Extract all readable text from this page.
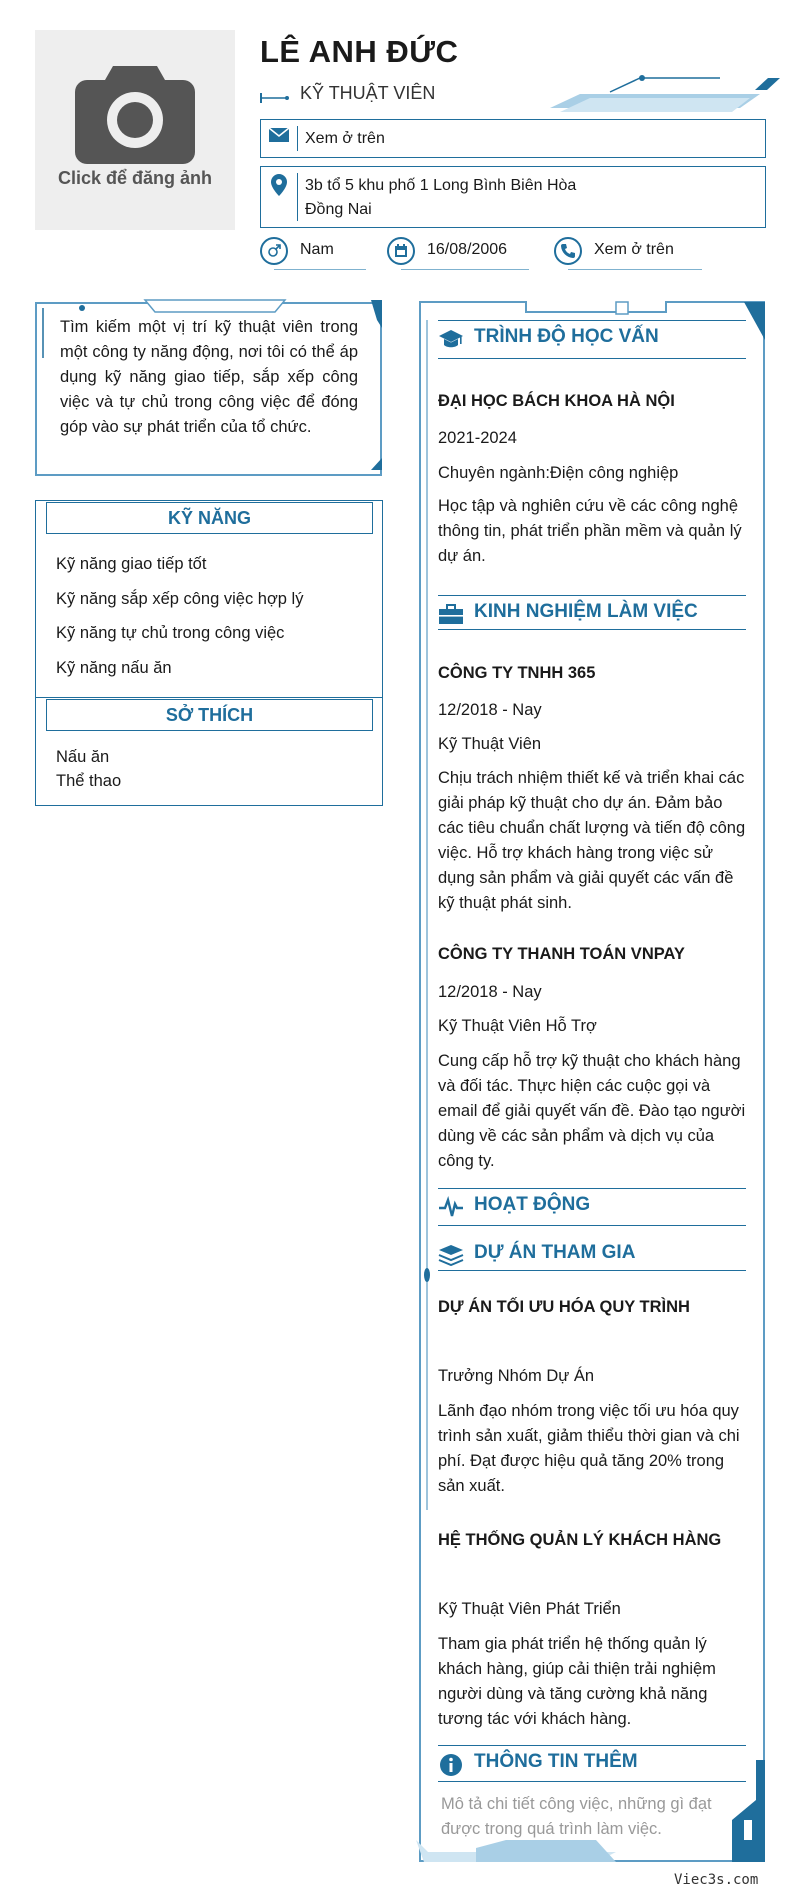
Click để đăng ảnh
LÊ ANH ĐỨC
KỸ THUẬT VIÊN
Xem ở trên
3b tổ 5 khu phố 1 Long Bình Biên Hòa Đồng Nai
Nam	16/08/2006	Xem ở trên
Tìm kiếm một vị trí kỹ thuật viên trong một công ty năng động, nơi tôi có thể áp dụng kỹ năng giao tiếp, sắp xếp công việc và tự chủ trong công việc để đóng góp vào sự phát triển của tổ chức.
KỸ NĂNG
Kỹ năng giao tiếp tốt
Kỹ năng sắp xếp công việc hợp lý
Kỹ năng tự chủ trong công việc
Kỹ năng nấu ăn
SỞ THÍCH
Nấu ăn
Thể thao
TRÌNH ĐỘ HỌC VẤN
ĐẠI HỌC BÁCH KHOA HÀ NỘI
2021-2024
Chuyên ngành:Điện công nghiệp
Học tập và nghiên cứu về các công nghệ thông tin, phát triển phần mềm và quản lý dự án.
KINH NGHIỆM LÀM VIỆC
CÔNG TY TNHH 365
12/2018 - Nay
Kỹ Thuật Viên
Chịu trách nhiệm thiết kế và triển khai các giải pháp kỹ thuật cho dự án. Đảm bảo các tiêu chuẩn chất lượng và tiến độ công việc. Hỗ trợ khách hàng trong việc sử dụng sản phẩm và giải quyết các vấn đề kỹ thuật phát sinh.
CÔNG TY THANH TOÁN VNPAY
12/2018 - Nay
Kỹ Thuật Viên Hỗ Trợ
Cung cấp hỗ trợ kỹ thuật cho khách hàng và đối tác. Thực hiện các cuộc gọi và email để giải quyết vấn đề. Đào tạo người dùng về các sản phẩm và dịch vụ của công ty.
HOẠT ĐỘNG
DỰ ÁN THAM GIA
DỰ ÁN TỐI ƯU HÓA QUY TRÌNH
Trưởng Nhóm Dự Án
Lãnh đạo nhóm trong việc tối ưu hóa quy trình sản xuất, giảm thiểu thời gian và chi phí. Đạt được hiệu quả tăng 20% trong sản xuất.
HỆ THỐNG QUẢN LÝ KHÁCH HÀNG
Kỹ Thuật Viên Phát Triển
Tham gia phát triển hệ thống quản lý khách hàng, giúp cải thiện trải nghiệm người dùng và tăng cường khả năng tương tác với khách hàng.
THÔNG TIN THÊM
Mô tả chi tiết công việc, những gì đạt được trong quá trình làm việc.
Viec3s.com
